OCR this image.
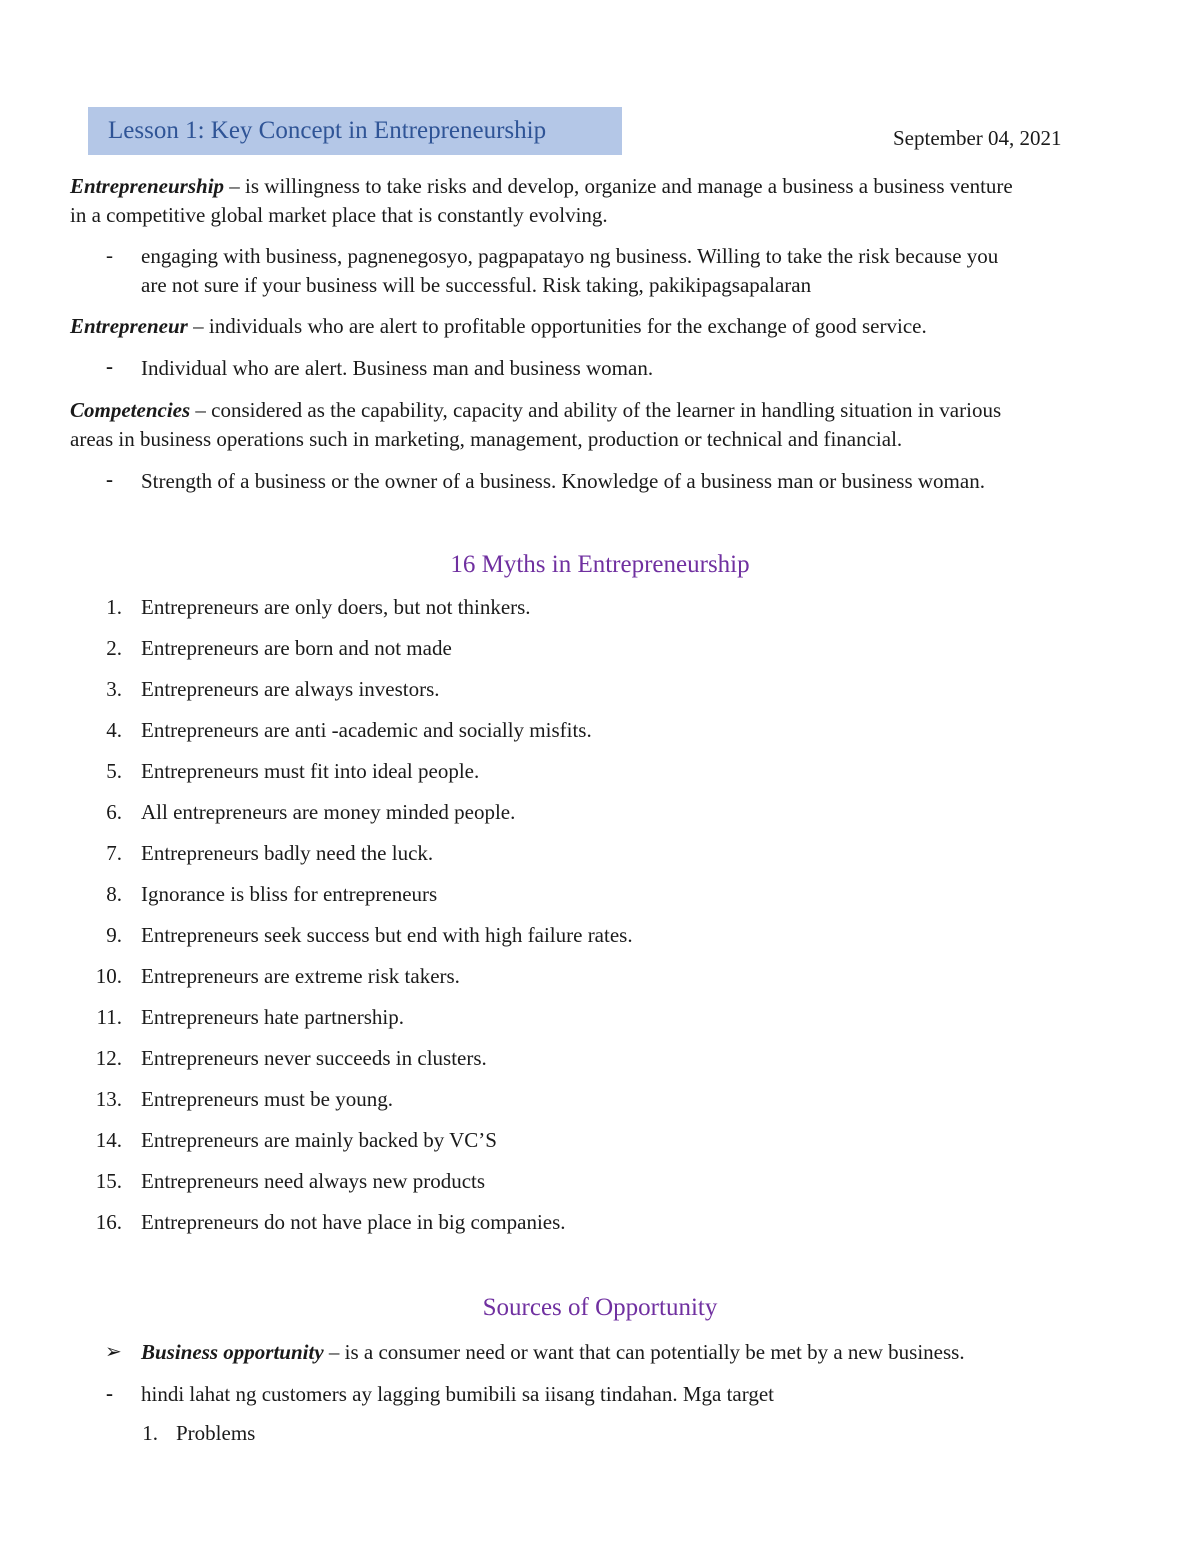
Lesson 1: Key Concept in Entrepreneurship	September 04, 2021
Entrepreneurship – is willingness to take risks and develop, organize and manage a business a business venture
in a competitive global market place that is constantly evolving.
- engaging with business, pagnenegosyo, pagpapatayo ng business. Willing to take the risk because you
are not sure if your business will be successful. Risk taking, pakikipagsapalaran
Entrepreneur – individuals who are alert to profitable opportunities for the exchange of good service.
- Individual who are alert. Business man and business woman.
Competencies – considered as the capability, capacity and ability of the learner in handling situation in various
areas in business operations such in marketing, management, production or technical and financial.
- Strength of a business or the owner of a business. Knowledge of a business man or business woman.
16 Myths in Entrepreneurship
1. Entrepreneurs are only doers, but not thinkers.
2. Entrepreneurs are born and not made
3. Entrepreneurs are always investors.
4. Entrepreneurs are anti -academic and socially misfits.
5. Entrepreneurs must fit into ideal people.
6. All entrepreneurs are money minded people.
7. Entrepreneurs badly need the luck.
8. Ignorance is bliss for entrepreneurs
9. Entrepreneurs seek success but end with high failure rates.
10. Entrepreneurs are extreme risk takers.
11. Entrepreneurs hate partnership.
12. Entrepreneurs never succeeds in clusters.
13. Entrepreneurs must be young.
14. Entrepreneurs are mainly backed by VC’S
15. Entrepreneurs need always new products
16. Entrepreneurs do not have place in big companies.
Sources of Opportunity
➢ Business opportunity – is a consumer need or want that can potentially be met by a new business.
- hindi lahat ng customers ay lagging bumibili sa iisang tindahan. Mga target
1. Problems
